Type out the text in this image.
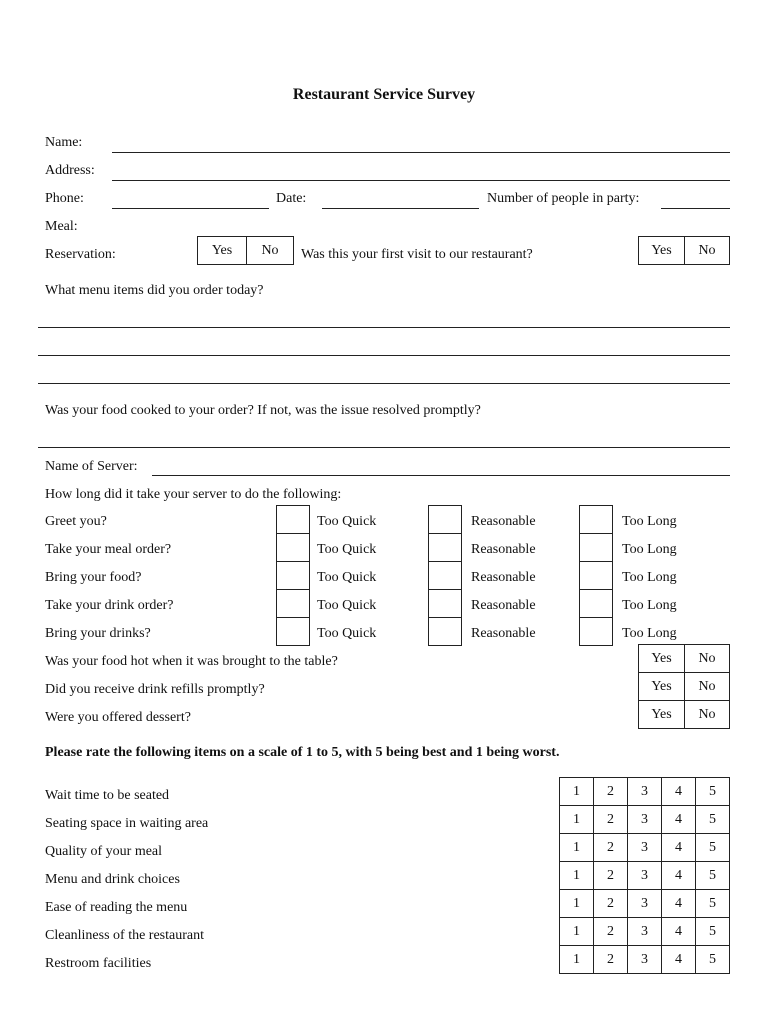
Restaurant Service Survey
Name:
Address:
Phone:	Date:	Number of people in party:
Meal:
Reservation:	Yes No Was this your first visit to our restaurant?	Yes No
What menu items did you order today?
Was your food cooked to your order? If not, was the issue resolved promptly?
Name of Server:
How long did it take your server to do the following:
Greet you?	Too Quick	Reasonable	Too Long
Take your meal order?	Too Quick	Reasonable	Too Long
Bring your food?	Too Quick	Reasonable	Too Long
Take your drink order?	Too Quick	Reasonable	Too Long
Bring your drinks?	Too Quick	Reasonable	Too Long
Was your food hot when it was brought to the table?	Yes No
Did you receive drink refills promptly?	Yes No
Were you offered dessert?	Yes No
Please rate the following items on a scale of 1 to 5, with 5 being best and 1 being worst.
Wait time to be seated	1 2 3 4 5
Seating space in waiting area	1 2 3 4 5
Quality of your meal	1 2 3 4 5
Menu and drink choices	1 2 3 4 5
Ease of reading the menu	1 2 3 4 5
Cleanliness of the restaurant	1 2 3 4 5
Restroom facilities	1 2 3 4 5
